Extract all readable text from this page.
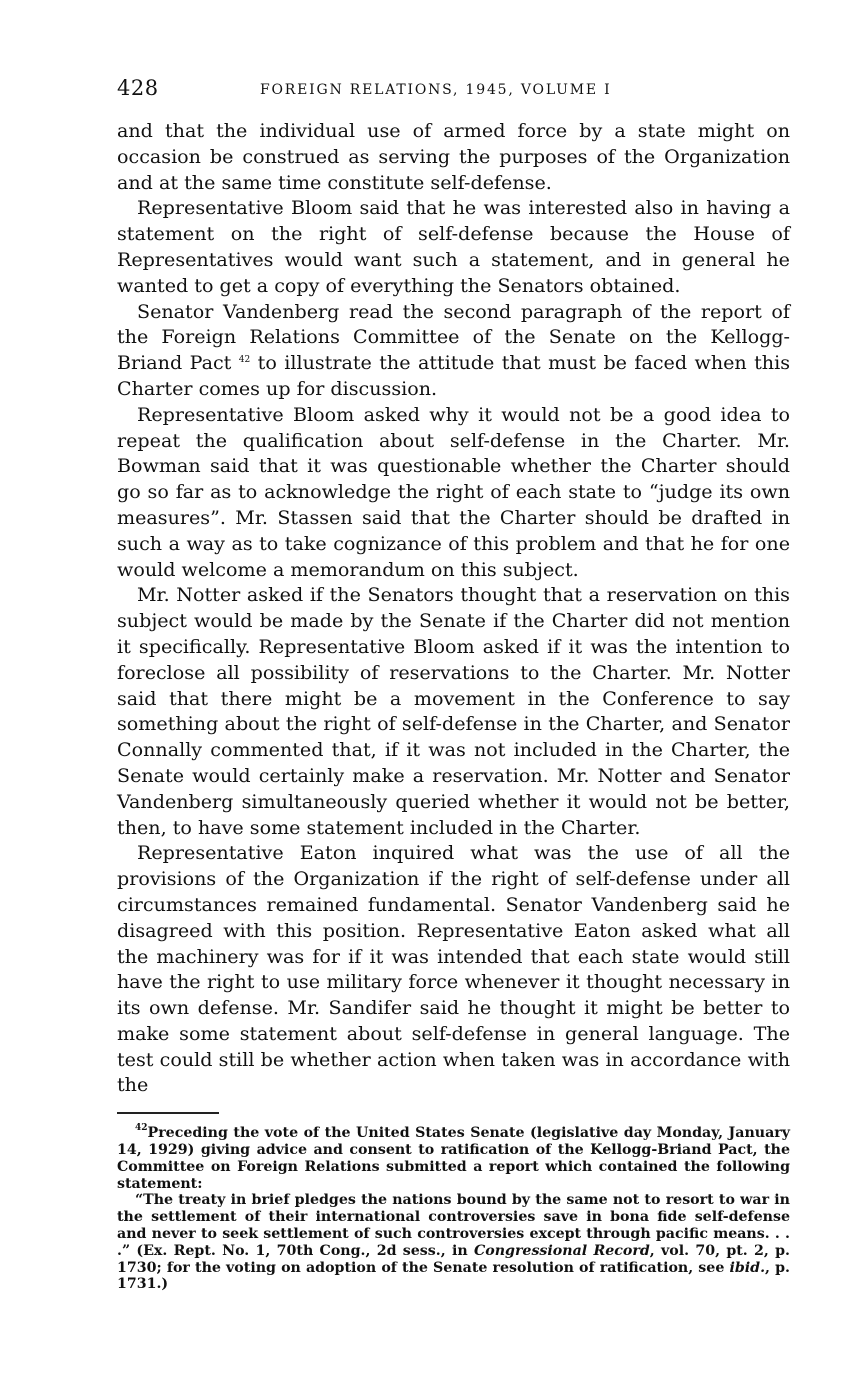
428	FOREIGN RELATIONS, 1945, VOLUME I

and that the individual use of armed force by a state might on occasion be construed as serving the purposes of the Organization and at the same time constitute self-defense.

Representative Bloom said that he was interested also in having a statement on the right of self-defense because the House of Representatives would want such a statement, and in general he wanted to get a copy of everything the Senators obtained.

Senator Vandenberg read the second paragraph of the report of the Foreign Relations Committee of the Senate on the Kellogg-Briand Pact $^{42}$ to illustrate the attitude that must be faced when this Charter comes up for discussion.

Representative Bloom asked why it would not be a good idea to repeat the qualification about self-defense in the Charter. Mr. Bowman said that it was questionable whether the Charter should go so far as to acknowledge the right of each state to “judge its own measures”. Mr. Stassen said that the Charter should be drafted in such a way as to take cognizance of this problem and that he for one would welcome a memorandum on this subject.

Mr. Notter asked if the Senators thought that a reservation on this subject would be made by the Senate if the Charter did not mention it specifically. Representative Bloom asked if it was the intention to foreclose all possibility of reservations to the Charter. Mr. Notter said that there might be a movement in the Conference to say something about the right of self-defense in the Charter, and Senator Connally commented that, if it was not included in the Charter, the Senate would certainly make a reservation. Mr. Notter and Senator Vandenberg simultaneously queried whether it would not be better, then, to have some statement included in the Charter.

Representative Eaton inquired what was the use of all the provisions of the Organization if the right of self-defense under all circumstances remained fundamental. Senator Vandenberg said he disagreed with this position. Representative Eaton asked what all the machinery was for if it was intended that each state would still have the right to use military force whenever it thought necessary in its own defense. Mr. Sandifer said he thought it might be better to make some statement about self-defense in general language. The test could still be whether action when taken was in accordance with the

$^{42}$Preceding the vote of the United States Senate (legislative day Monday, January 14, 1929) giving advice and consent to ratification of the Kellogg-Briand Pact, the Committee on Foreign Relations submitted a report which contained the following statement:

“The treaty in brief pledges the nations bound by the same not to resort to war in the settlement of their international controversies save in bona fide self-defense and never to seek settlement of such controversies except through pacific means. . . .” (Ex. Rept. No. 1, 70th Cong., 2d sess., in Congressional Record, vol. 70, pt. 2, p. 1730; for the voting on adoption of the Senate resolution of ratification, see ibid., p. 1731.)
